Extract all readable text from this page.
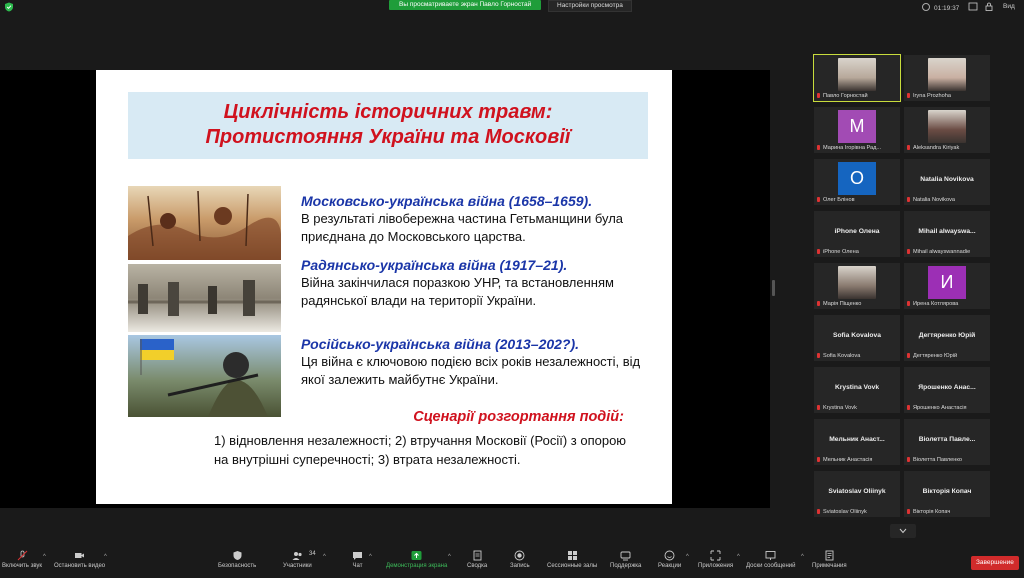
Вы просматриваете экран Павло Горностай	Настройки просмотра	01:19:37	Вид
Циклічність історичних травм:
Протистояння України та Московії
Московсько-українська війна (1658–1659).
В результаті лівобережна частина Гетьманщини була приєднана до Московського царства.
Радянсько-українська війна (1917–21).
Війна закінчилася поразкою УНР, та встановленням радянської влади на території України.
Російсько-українська війна (2013–202?).
Ця війна є ключовою подією всіх років незалежності, від якої залежить майбутнє України.
Сценарії розгортання подій:
1) відновлення незалежності; 2) втручання Московії (Росії) з опорою на внутрішні суперечності; 3) втрата незалежності.
Павло Горностай	Iryna Prozhoha
М
Марина Ігорівна Рад...	Aleksandra Kiriyak
О
Олег Блінов
Natalia Novikova
Natalia Novikova
iPhone Олена
iPhone Олена
Mihail alwayswa...
Mihail alwayswannadie
Марія Піщенко
И
Ирена Котлярова
Sofia Kovalova
Sofia Kovalova
Дегтяренко Юрій
Дегтяренко Юрій
Krystina Vovk
Krystina Vovk
Ярошенко Анас...
Ярошенко Анастасія
Мельник Анаст...
Мельник Анастасія
Віолетта Павле...
Віолетта Павленко
Sviatoslav Oliinyk
Sviatoslav Oliinyk
Вікторія Копач
Вікторія Копач
Включить звук
^
Остановить видео
^
Безопасность	Участники
34 ^
Чат
^
Демонстрация экрана
^
Сводка	Запись	Сессионные залы Поддержка	Реакции
^
Приложения
^
Доски сообщений
^
Примечания	Завершение
